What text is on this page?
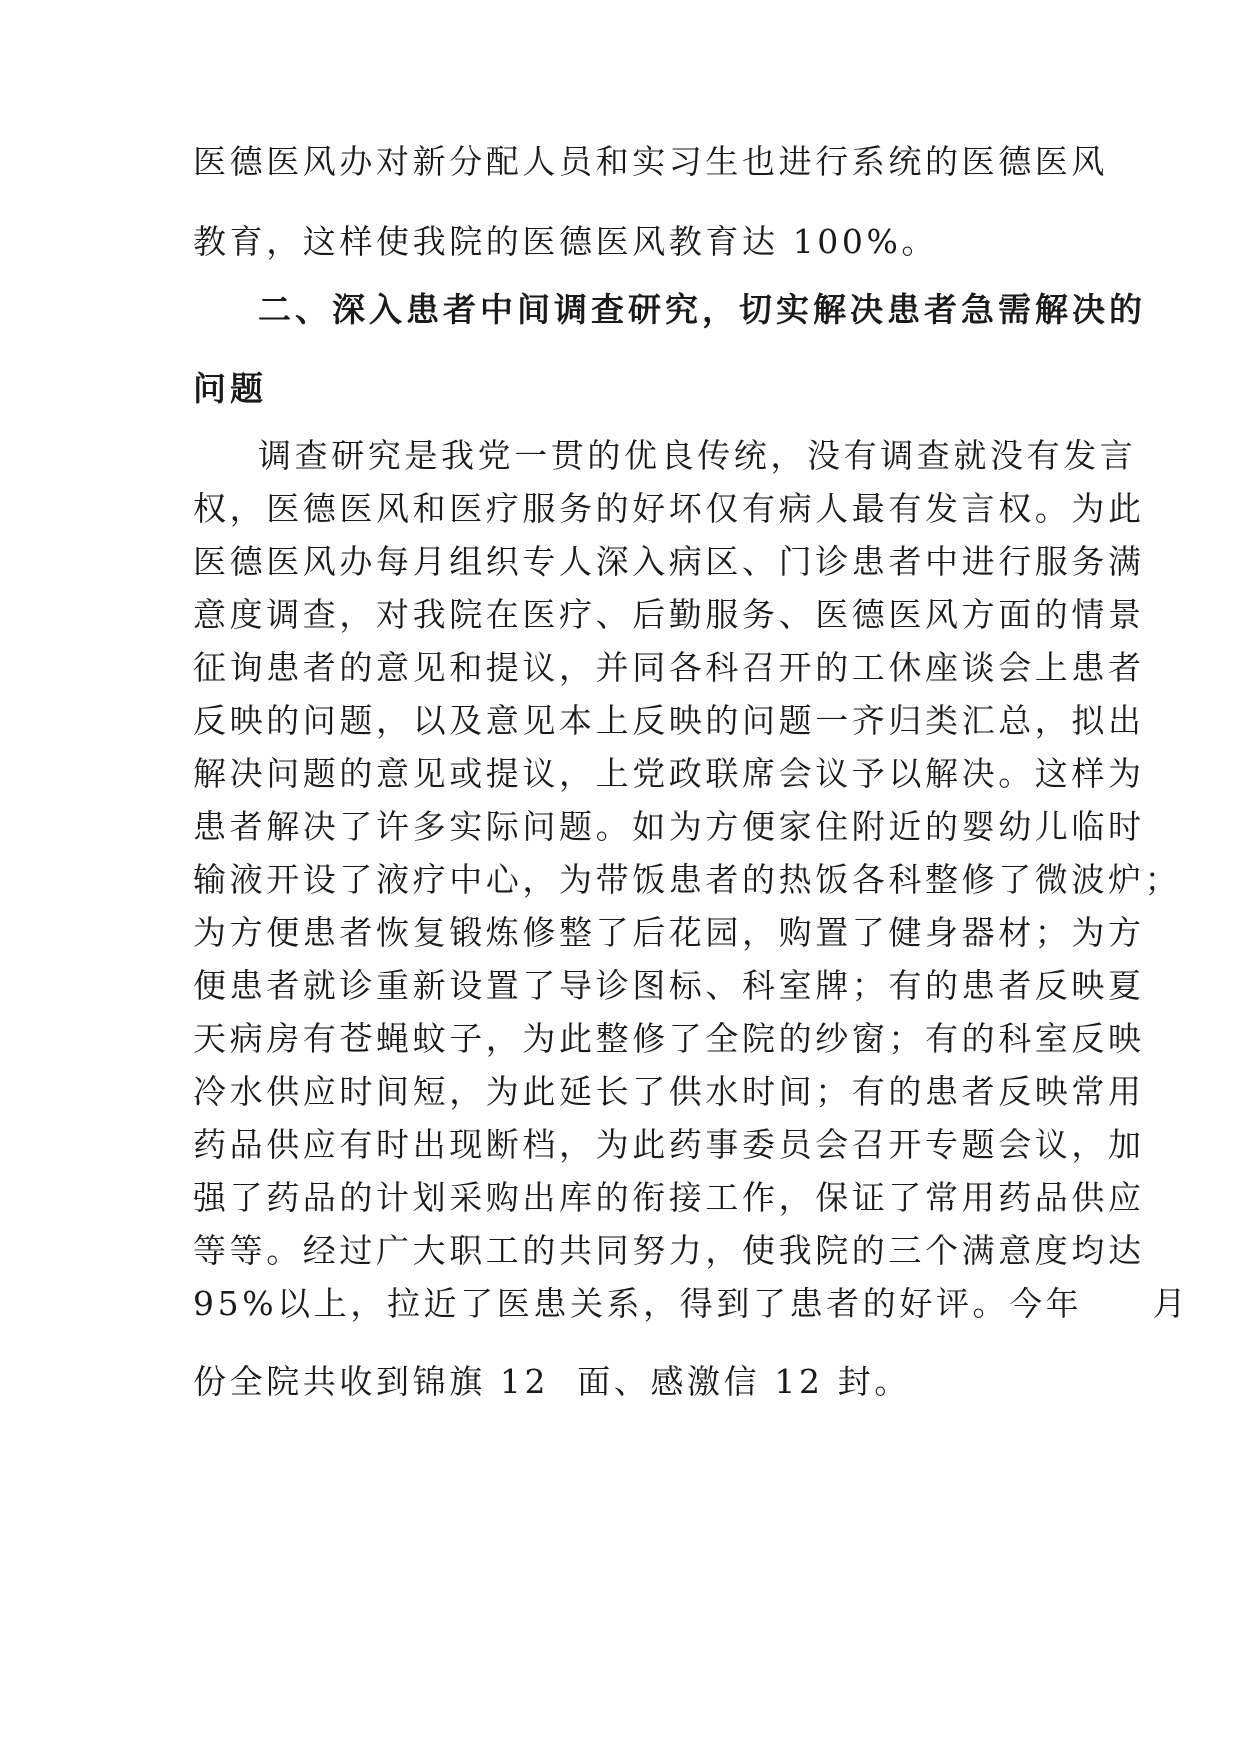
医德医风办对新分配人员和实习生也进行系统的医德医风
教育，这样使我院的医德医风教育达 100%。
二、深入患者中间调查研究，切实解决患者急需解决的
问题
调查研究是我党一贯的优良传统，没有调查就没有发言
权，医德医风和医疗服务的好坏仅有病人最有发言权。为此
医德医风办每月组织专人深入病区、门诊患者中进行服务满
意度调查，对我院在医疗、后勤服务、医德医风方面的情景
征询患者的意见和提议，并同各科召开的工休座谈会上患者
反映的问题，以及意见本上反映的问题一齐归类汇总，拟出
解决问题的意见或提议，上党政联席会议予以解决。这样为
患者解决了许多实际问题。如为方便家住附近的婴幼儿临时
输液开设了液疗中心，为带饭患者的热饭各科整修了微波炉；
为方便患者恢复锻炼修整了后花园，购置了健身器材；为方
便患者就诊重新设置了导诊图标、科室牌；有的患者反映夏
天病房有苍蝇蚊子，为此整修了全院的纱窗；有的科室反映
冷水供应时间短，为此延长了供水时间；有的患者反映常用
药品供应有时出现断档，为此药事委员会召开专题会议，加
强了药品的计划采购出库的衔接工作，保证了常用药品供应
等等。经过广大职工的共同努力，使我院的三个满意度均达
95%以上，拉近了医患关系，得到了患者的好评。今年     月
份全院共收到锦旗 12  面、感激信 12 封。
